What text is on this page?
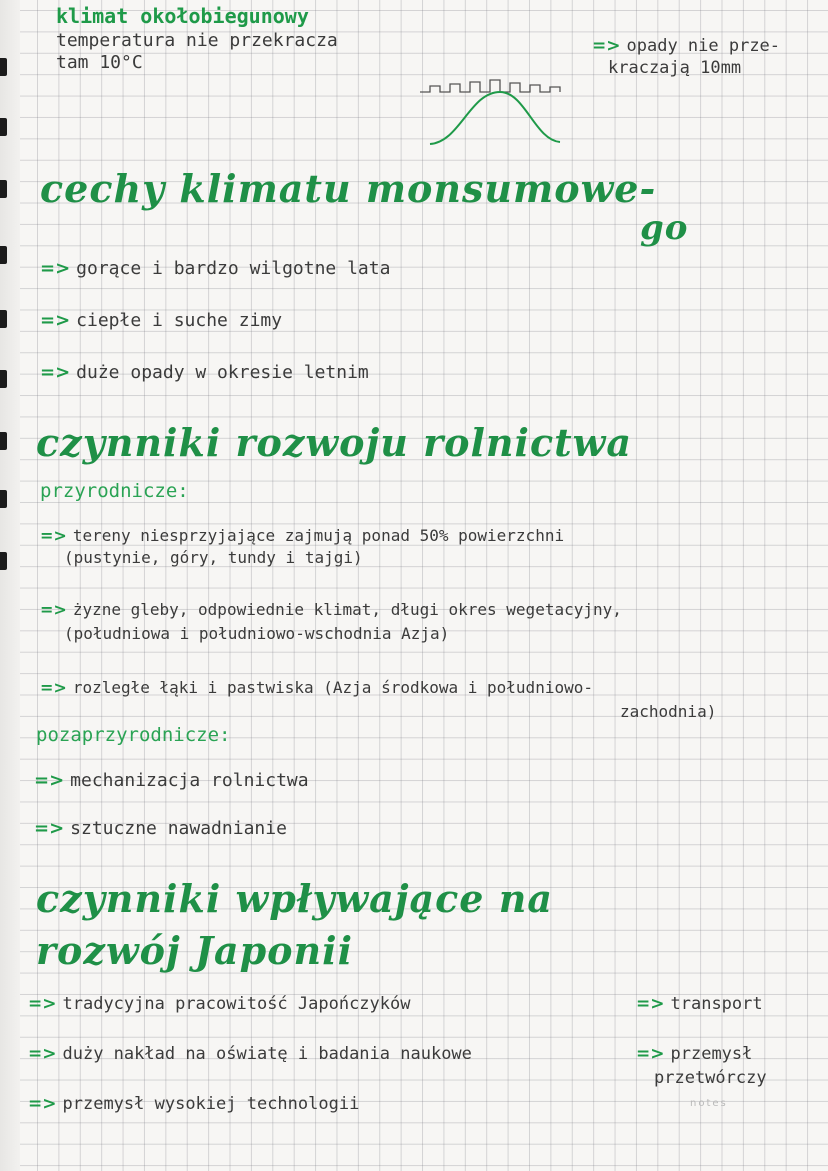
klimat okołobiegunowy
temperatura nie przekracza
tam 10°C
=> opady nie prze-
kraczają 10mm
cechy klimatu monsumowe-
go
=> gorące i bardzo wilgotne lata
=> ciepłe i suche zimy
=> duże opady w okresie letnim
czynniki rozwoju rolnictwa
przyrodnicze:
=> tereny niesprzyjające zajmują ponad 50% powierzchni
(pustynie, góry, tundy i tajgi)
=> żyzne gleby, odpowiednie klimat, długi okres wegetacyjny,
(południowa i południowo-wschodnia Azja)
=> rozległe łąki i pastwiska (Azja środkowa i południowo-
zachodnia)
pozaprzyrodnicze:
=> mechanizacja rolnictwa
=> sztuczne nawadnianie
czynniki wpływające na
rozwój Japonii
=> tradycyjna pracowitość Japończyków
=> duży nakład na oświatę i badania naukowe
=> przemysł wysokiej technologii
=> transport
=> przemysł
przetwórczy
notes
